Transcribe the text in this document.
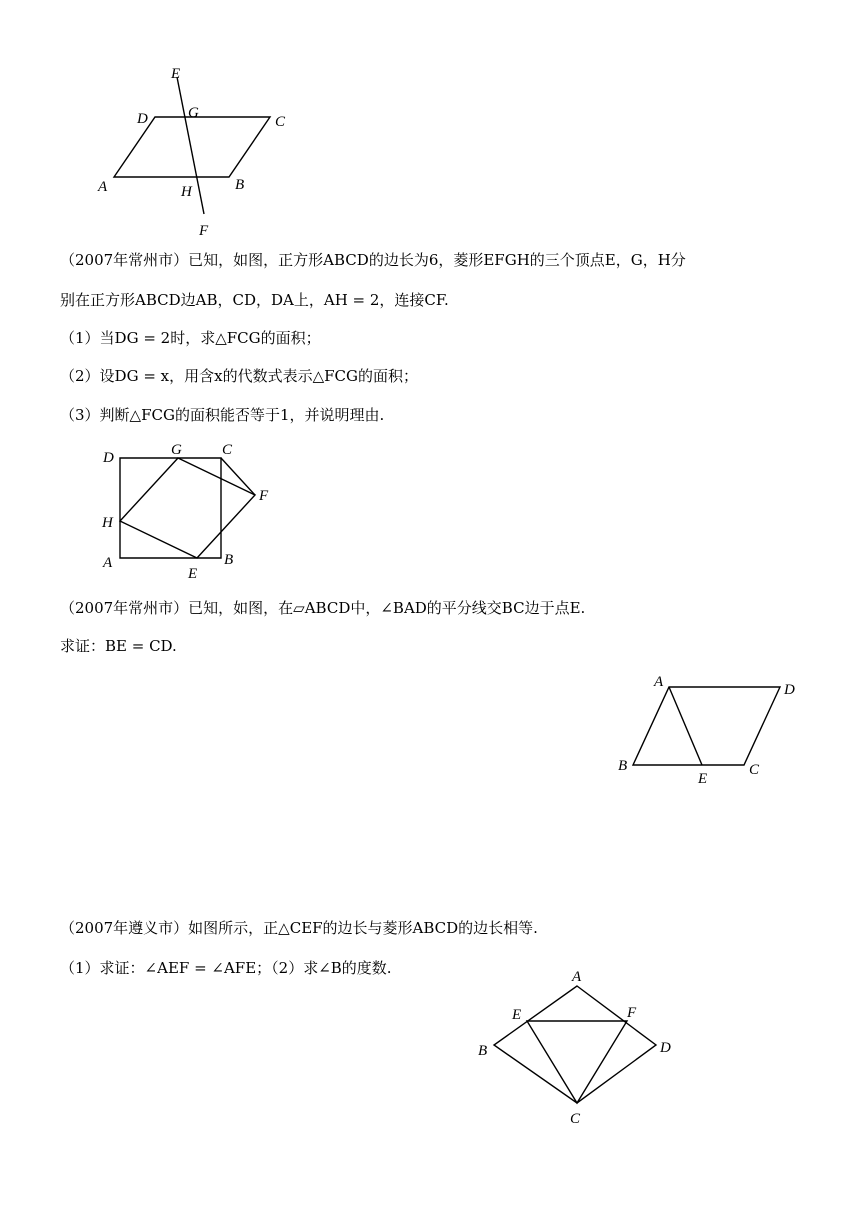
E
D	G
C
A	H	B
F
（2007年常州市）已知，如图，正方形ABCD的边长为6，菱形EFGH的三个顶点E，G，H分
别在正方形ABCD边AB，CD，DA上，AH = 2，连接CF.
（1）当DG = 2时，求△FCG的面积；
（2）设DG = x，用含x的代数式表示△FCG的面积；
（3）判断△FCG的面积能否等于1，并说明理由.
D	G	C
F
H
A
E
B
（2007年常州市）已知，如图，在▱ABCD中，∠BAD的平分线交BC边于点E.
求证：BE = CD.
A	D
B
E
C
（2007年遵义市）如图所示，正△CEF的边长与菱形ABCD的边长相等.
（1）求证：∠AEF = ∠AFE；（2）求∠B的度数.	A
E	F
B	D
C
